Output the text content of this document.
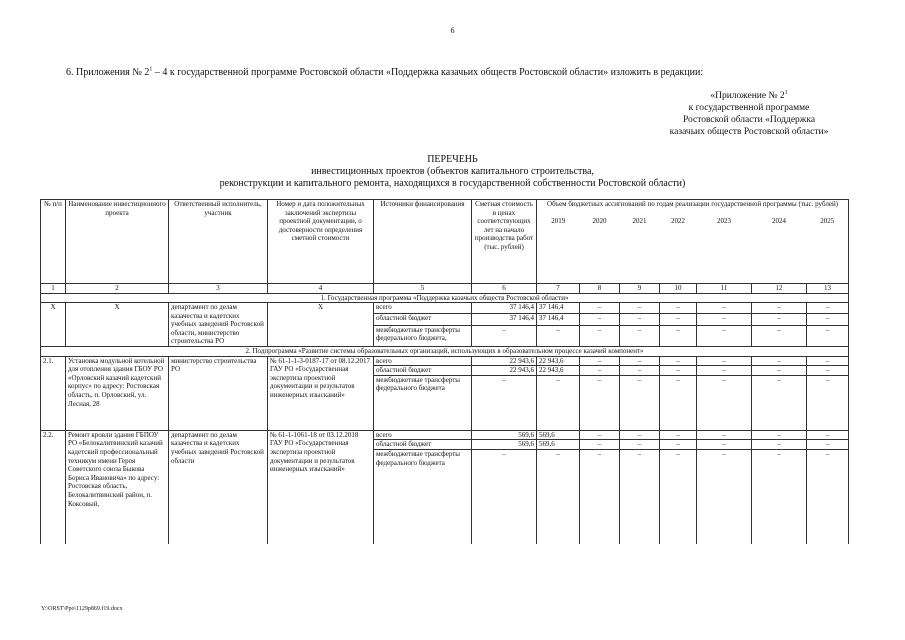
6
6. Приложения № $2^1 - 4$ к государственной программе Ростовской области «Поддержка казачьих обществ Ростовской области» изложить в редакции:
«Приложение № $2^1$
к государственной программе
Ростовской области «Поддержка
казачьих обществ Ростовской области»
ПЕРЕЧЕНЬ
инвестиционных проектов (объектов капитального строительства,
реконструкции и капитального ремонта, находящихся в государственной собственности Ростовской области)
№ п/п	Наименование инвестиционного проекта	Ответственный исполнитель, участник	Номер и дата положительных заключений экспертизы проектной документации, о достоверности определения сметной стоимости	Источники финансирования	Сметная стоимость в ценах соответствующих лет на начало производства работ (тыс. рублей)	Объем бюджетных ассигнований по годам реализации государственной программы (тыс. рублей)						
						2019	2020	2021	2022	2023	2024	2025
1	2	3	4	5	6	7	8	9	10	11	12	13
1. Государственная программа «Поддержка казачьих обществ Ростовской области»												
Х	Х	департамент по делам казачества и кадетских учебных заведений Ростовской области, министерство строительства РО	Х	всего	37 146,4	37 146,4	–	–	–	–	–	–
				областной бюджет	37 146,4	37 146,4	–	–	–	–	–	–
				межбюджетные трансферты федерального бюджета,	–	–	–	–	–	–	–	–
2. Подпрограмма «Развитие системы образовательных организаций, использующих в образовательном процессе казачий компонент»												
2.1.	Установка модульной котельной для отопления здания ГБОУ РО «Орловский казачий кадетский корпус» по адресу: Ростовская область, п. Орловский, ул. Лесная, 28	министерство строительства РО	№ 61-1-1-3-0187-17 от 08.12.2017 ГАУ РО «Государственная экспертиза проектной документации и результатов инженерных изысканий»	всего	22 943,6	22 943,6	–	–	–	–	–	–
				областной бюджет	22 943,6	22 943,6	–	–	–	–	–	–
				межбюджетные трансферты федерального бюджета	–	–	–	–	–	–	–	–
2.2.	Ремонт кровли здания ГБПОУ РО «Белокалитвинский казачий кадетский профессиональный техникум имени Героя Советского союза Быкова Бориса Ивановича» по адресу: Ростовская область, Белокалитвинский район, п. Коксовый,	департамент по делам казачества и кадетских учебных заведений Ростовской области	№ 61-1-1061-18 от 03.12.2018 ГАУ РО «Государственная экспертиза проектной документации и результатов инженерных изысканий»	всего	569,6	569,6	–	–	–	–	–	–
				областной бюджет	569,6	569,6	–	–	–	–	–	–
				межбюджетные трансферты федерального бюджета	–	–	–	–	–	–	–	–
Y:\ORST\Ppo\1129p869.f19.docx
